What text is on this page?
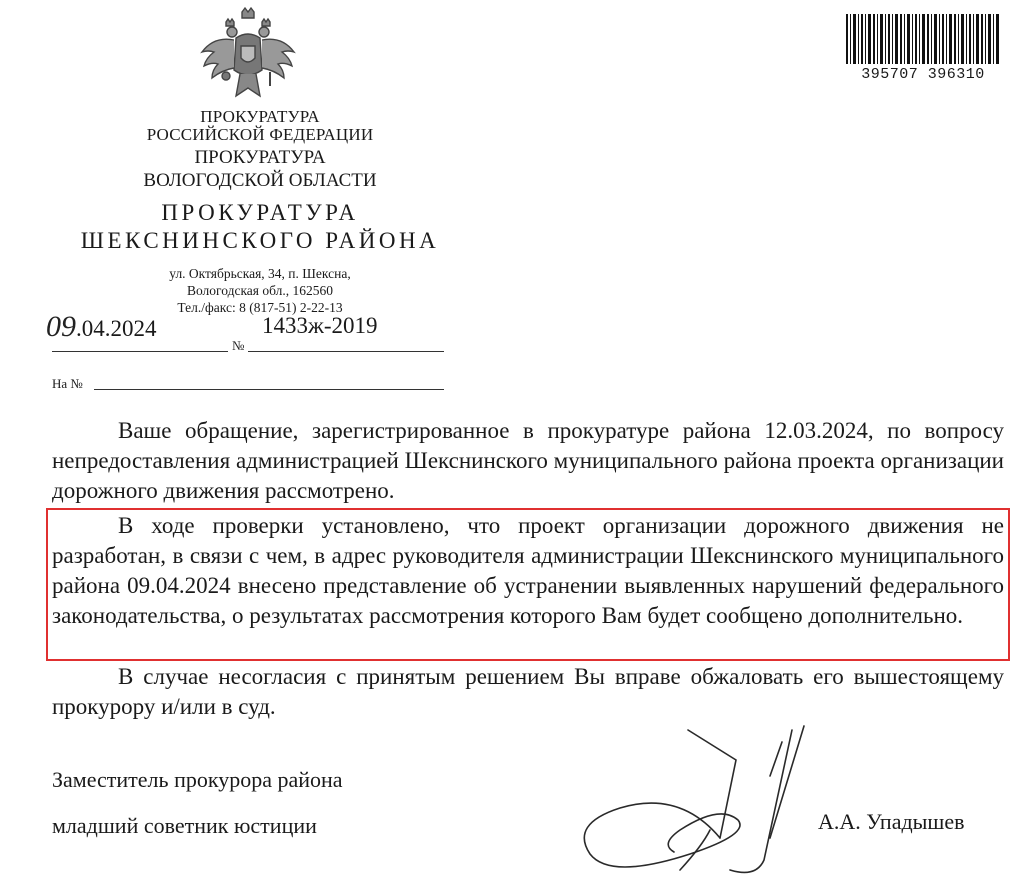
395707 396310
ПРОКУРАТУРА
РОССИЙСКОЙ ФЕДЕРАЦИИ
ПРОКУРАТУРА
ВОЛОГОДСКОЙ ОБЛАСТИ
ПРОКУРАТУРА
ШЕКСНИНСКОГО РАЙОНА
ул. Октябрьская, 34, п. Шексна,
Вологодская обл., 162560
Тел./факс: 8 (817-51) 2-22-13
09.04.2024	1433ж-2019
№
На №

Ваше обращение, зарегистрированное в прокуратуре района 12.03.2024, по вопросу непредоставления администрацией Шекснинского муниципального района проекта организации дорожного движения рассмотрено.

В ходе проверки установлено, что проект организации дорожного движения не разработан, в связи с чем, в адрес руководителя администрации Шекснинского муниципального района 09.04.2024 внесено представление об устранении выявленных нарушений федерального законодательства, о результатах рассмотрения которого Вам будет сообщено дополнительно.

В случае несогласия с принятым решением Вы вправе обжаловать его вышестоящему прокурору и/или в суд.

Заместитель прокурора района
младший советник юстиции	А.А. Упадышев
